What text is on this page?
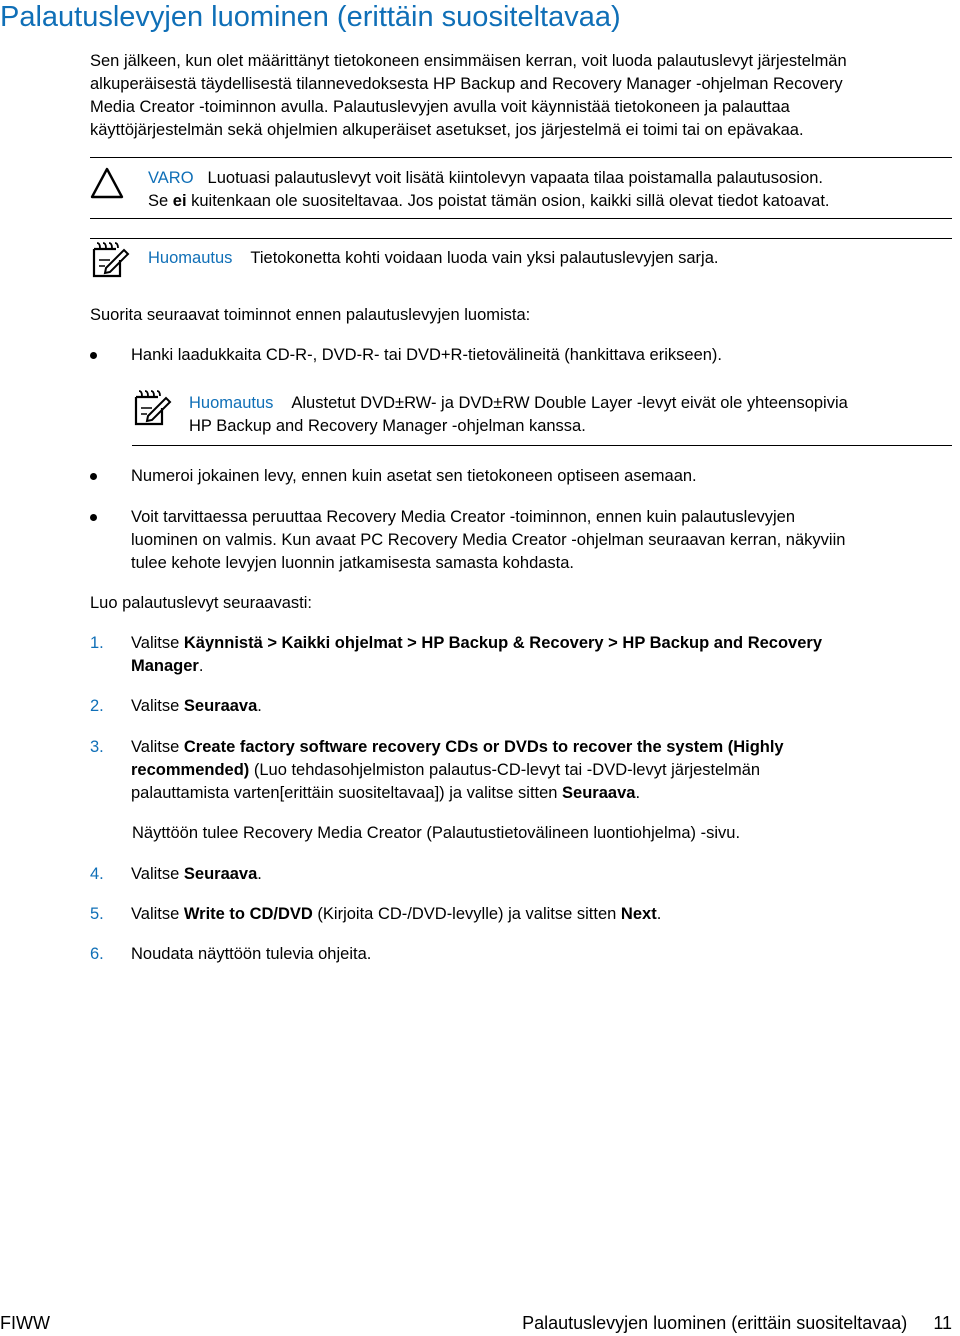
Palautuslevyjen luominen (erittäin suositeltavaa)
Sen jälkeen, kun olet määrittänyt tietokoneen ensimmäisen kerran, voit luoda palautuslevyt järjestelmän
alkuperäisestä täydellisestä tilannevedoksesta HP Backup and Recovery Manager -ohjelman Recovery
Media Creator -toiminnon avulla. Palautuslevyjen avulla voit käynnistää tietokoneen ja palauttaa
käyttöjärjestelmän sekä ohjelmien alkuperäiset asetukset, jos järjestelmä ei toimi tai on epävakaa.
VARO Luotuasi palautuslevyt voit lisätä kiintolevyn vapaata tilaa poistamalla palautusosion.
Se ei kuitenkaan ole suositeltavaa. Jos poistat tämän osion, kaikki sillä olevat tiedot katoavat.
Huomautus Tietokonetta kohti voidaan luoda vain yksi palautuslevyjen sarja.
Suorita seuraavat toiminnot ennen palautuslevyjen luomista:
Hanki laadukkaita CD-R-, DVD-R- tai DVD+R-tietovälineitä (hankittava erikseen).
Huomautus Alustetut DVD±RW- ja DVD±RW Double Layer -levyt eivät ole yhteensopivia
HP Backup and Recovery Manager -ohjelman kanssa.
Numeroi jokainen levy, ennen kuin asetat sen tietokoneen optiseen asemaan.
Voit tarvittaessa peruuttaa Recovery Media Creator -toiminnon, ennen kuin palautuslevyjen
luominen on valmis. Kun avaat PC Recovery Media Creator -ohjelman seuraavan kerran, näkyviin
tulee kehote levyjen luonnin jatkamisesta samasta kohdasta.
Luo palautuslevyt seuraavasti:
1. Valitse Käynnistä > Kaikki ohjelmat > HP Backup & Recovery > HP Backup and Recovery
Manager.
2. Valitse Seuraava.
3. Valitse Create factory software recovery CDs or DVDs to recover the system (Highly
recommended) (Luo tehdasohjelmiston palautus-CD-levyt tai -DVD-levyt järjestelmän
palauttamista varten[erittäin suositeltavaa]) ja valitse sitten Seuraava.
Näyttöön tulee Recovery Media Creator (Palautustietovälineen luontiohjelma) -sivu.
4. Valitse Seuraava.
5. Valitse Write to CD/DVD (Kirjoita CD-/DVD-levylle) ja valitse sitten Next.
6. Noudata näyttöön tulevia ohjeita.
FIWW	Palautuslevyjen luominen (erittäin suositeltavaa) 11
